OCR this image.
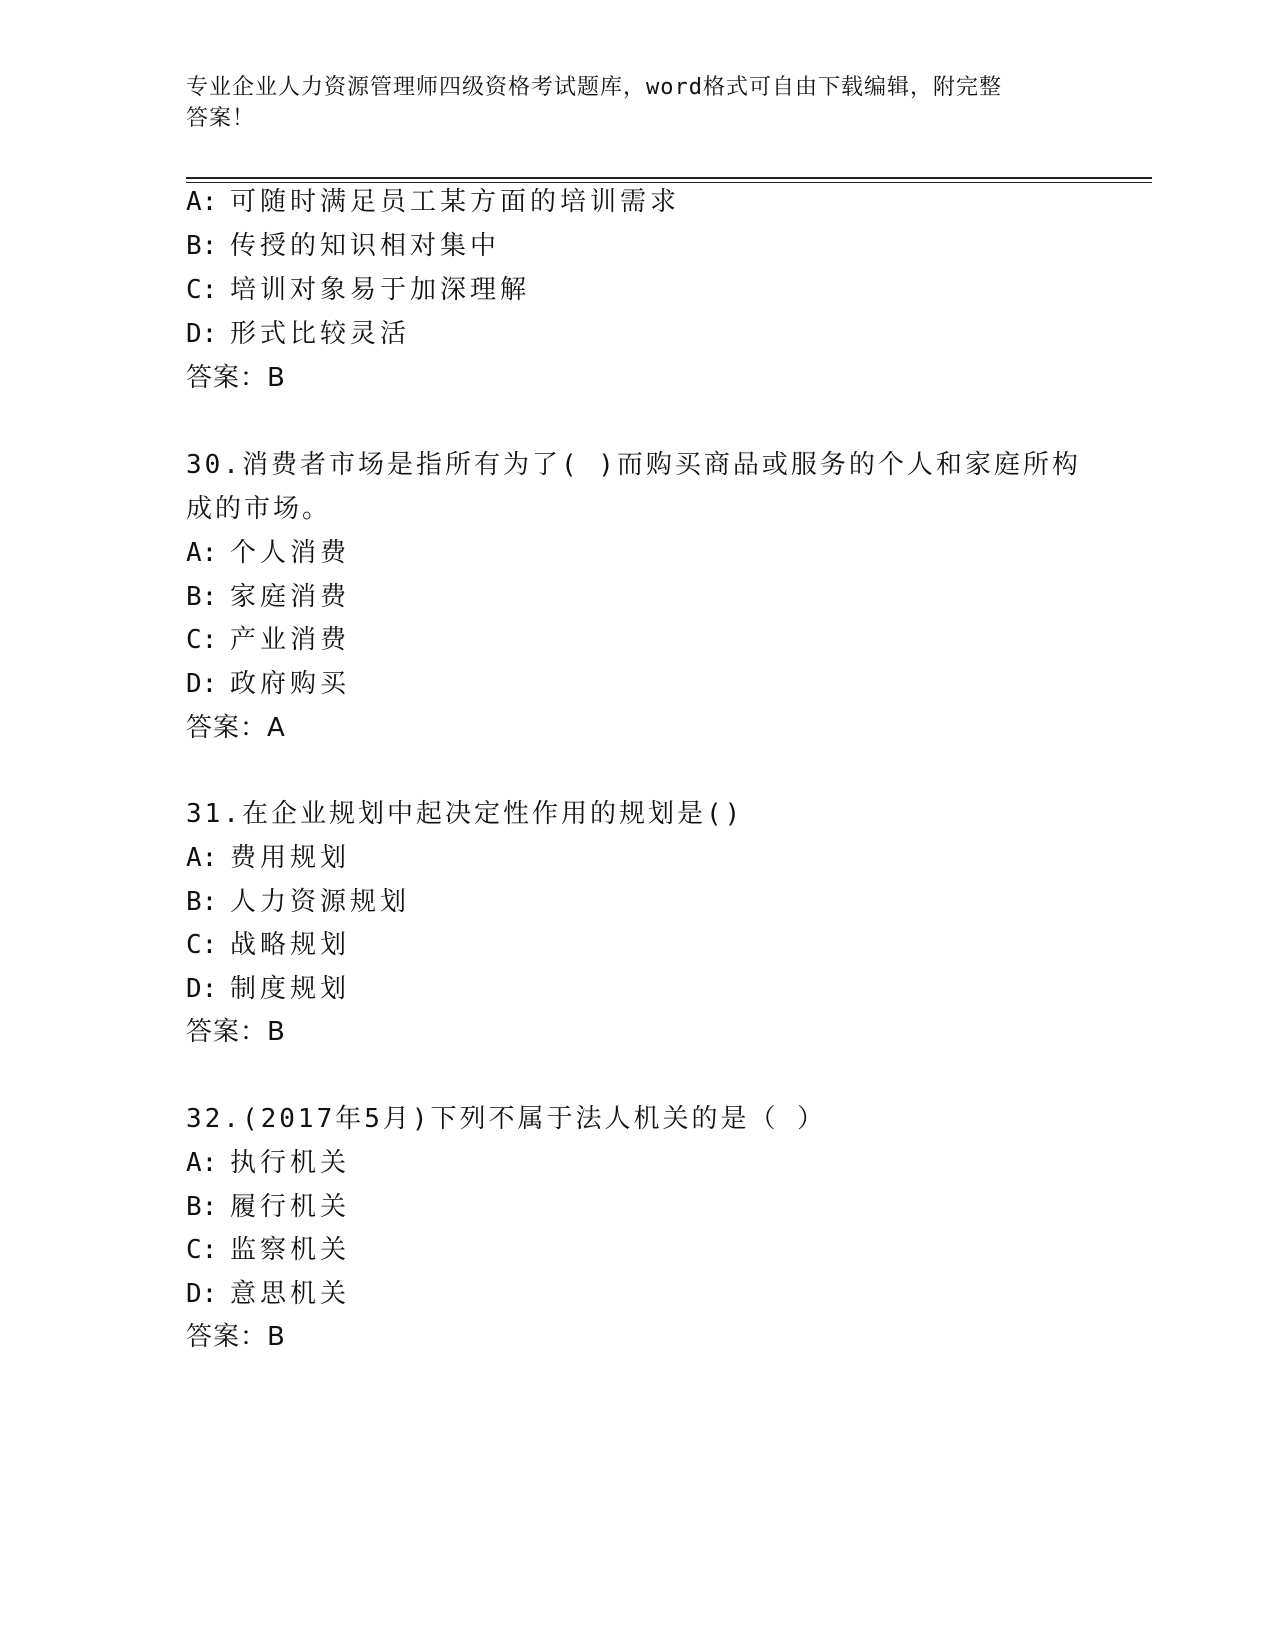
专业企业人力资源管理师四级资格考试题库，word格式可自由下载编辑，附完整
答案！
A: 可随时满足员工某方面的培训需求
B: 传授的知识相对集中
C: 培训对象易于加深理解
D: 形式比较灵活
答案：B
30.消费者市场是指所有为了( )而购买商品或服务的个人和家庭所构
成的市场。
A: 个人消费
B: 家庭消费
C: 产业消费
D: 政府购买
答案：A
31.在企业规划中起决定性作用的规划是()
A: 费用规划
B: 人力资源规划
C: 战略规划
D: 制度规划
答案：B
32.(2017年5月)下列不属于法人机关的是（ ）
A: 执行机关
B: 履行机关
C: 监察机关
D: 意思机关
答案：B
